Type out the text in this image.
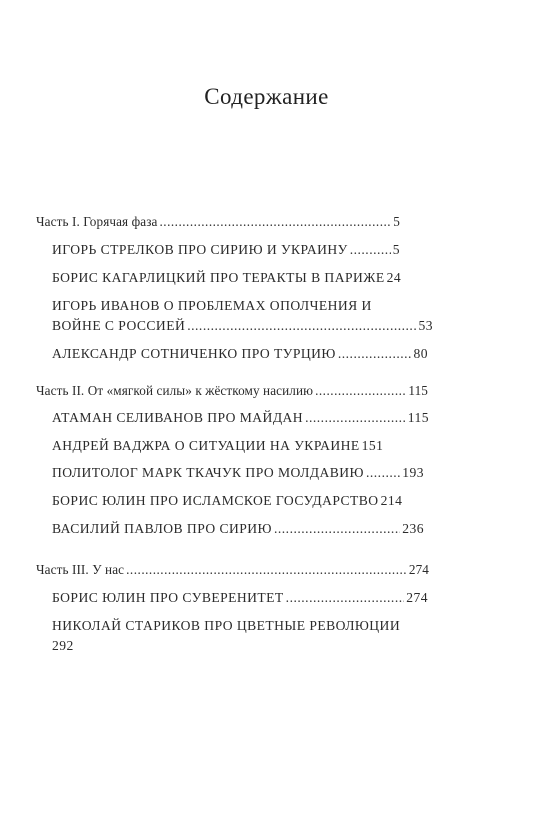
Содержание
Часть I. Горячая фаза .....	5
ИГОРЬ СТРЕЛКОВ ПРО СИРИЮ И УКРАИНУ .....	5
БОРИС КАГАРЛИЦКИЙ ПРО ТЕРАКТЫ В ПАРИЖЕ 24
ИГОРЬ ИВАНОВ О ПРОБЛЕМАХ ОПОЛЧЕНИЯ И
ВОЙНЕ С РОССИЕЙ .....	53
АЛЕКСАНДР СОТНИЧЕНКО ПРО ТУРЦИЮ .....	80
Часть II. От «мягкой силы» к жёсткому насилию .....	115
АТАМАН СЕЛИВАНОВ ПРО МАЙДАН .....	115
АНДРЕЙ ВАДЖРА О СИТУАЦИИ НА УКРАИНЕ 151
ПОЛИТОЛОГ МАРК ТКАЧУК ПРО МОЛДАВИЮ .....	193
БОРИС ЮЛИН ПРО ИСЛАМСКОЕ ГОСУДАРСТВО 214
ВАСИЛИЙ ПАВЛОВ ПРО СИРИЮ .....	236
Часть III. У нас .....	274
БОРИС ЮЛИН ПРО СУВЕРЕНИТЕТ .....	274
НИКОЛАЙ СТАРИКОВ ПРО ЦВЕТНЫЕ РЕВОЛЮЦИИ
292
